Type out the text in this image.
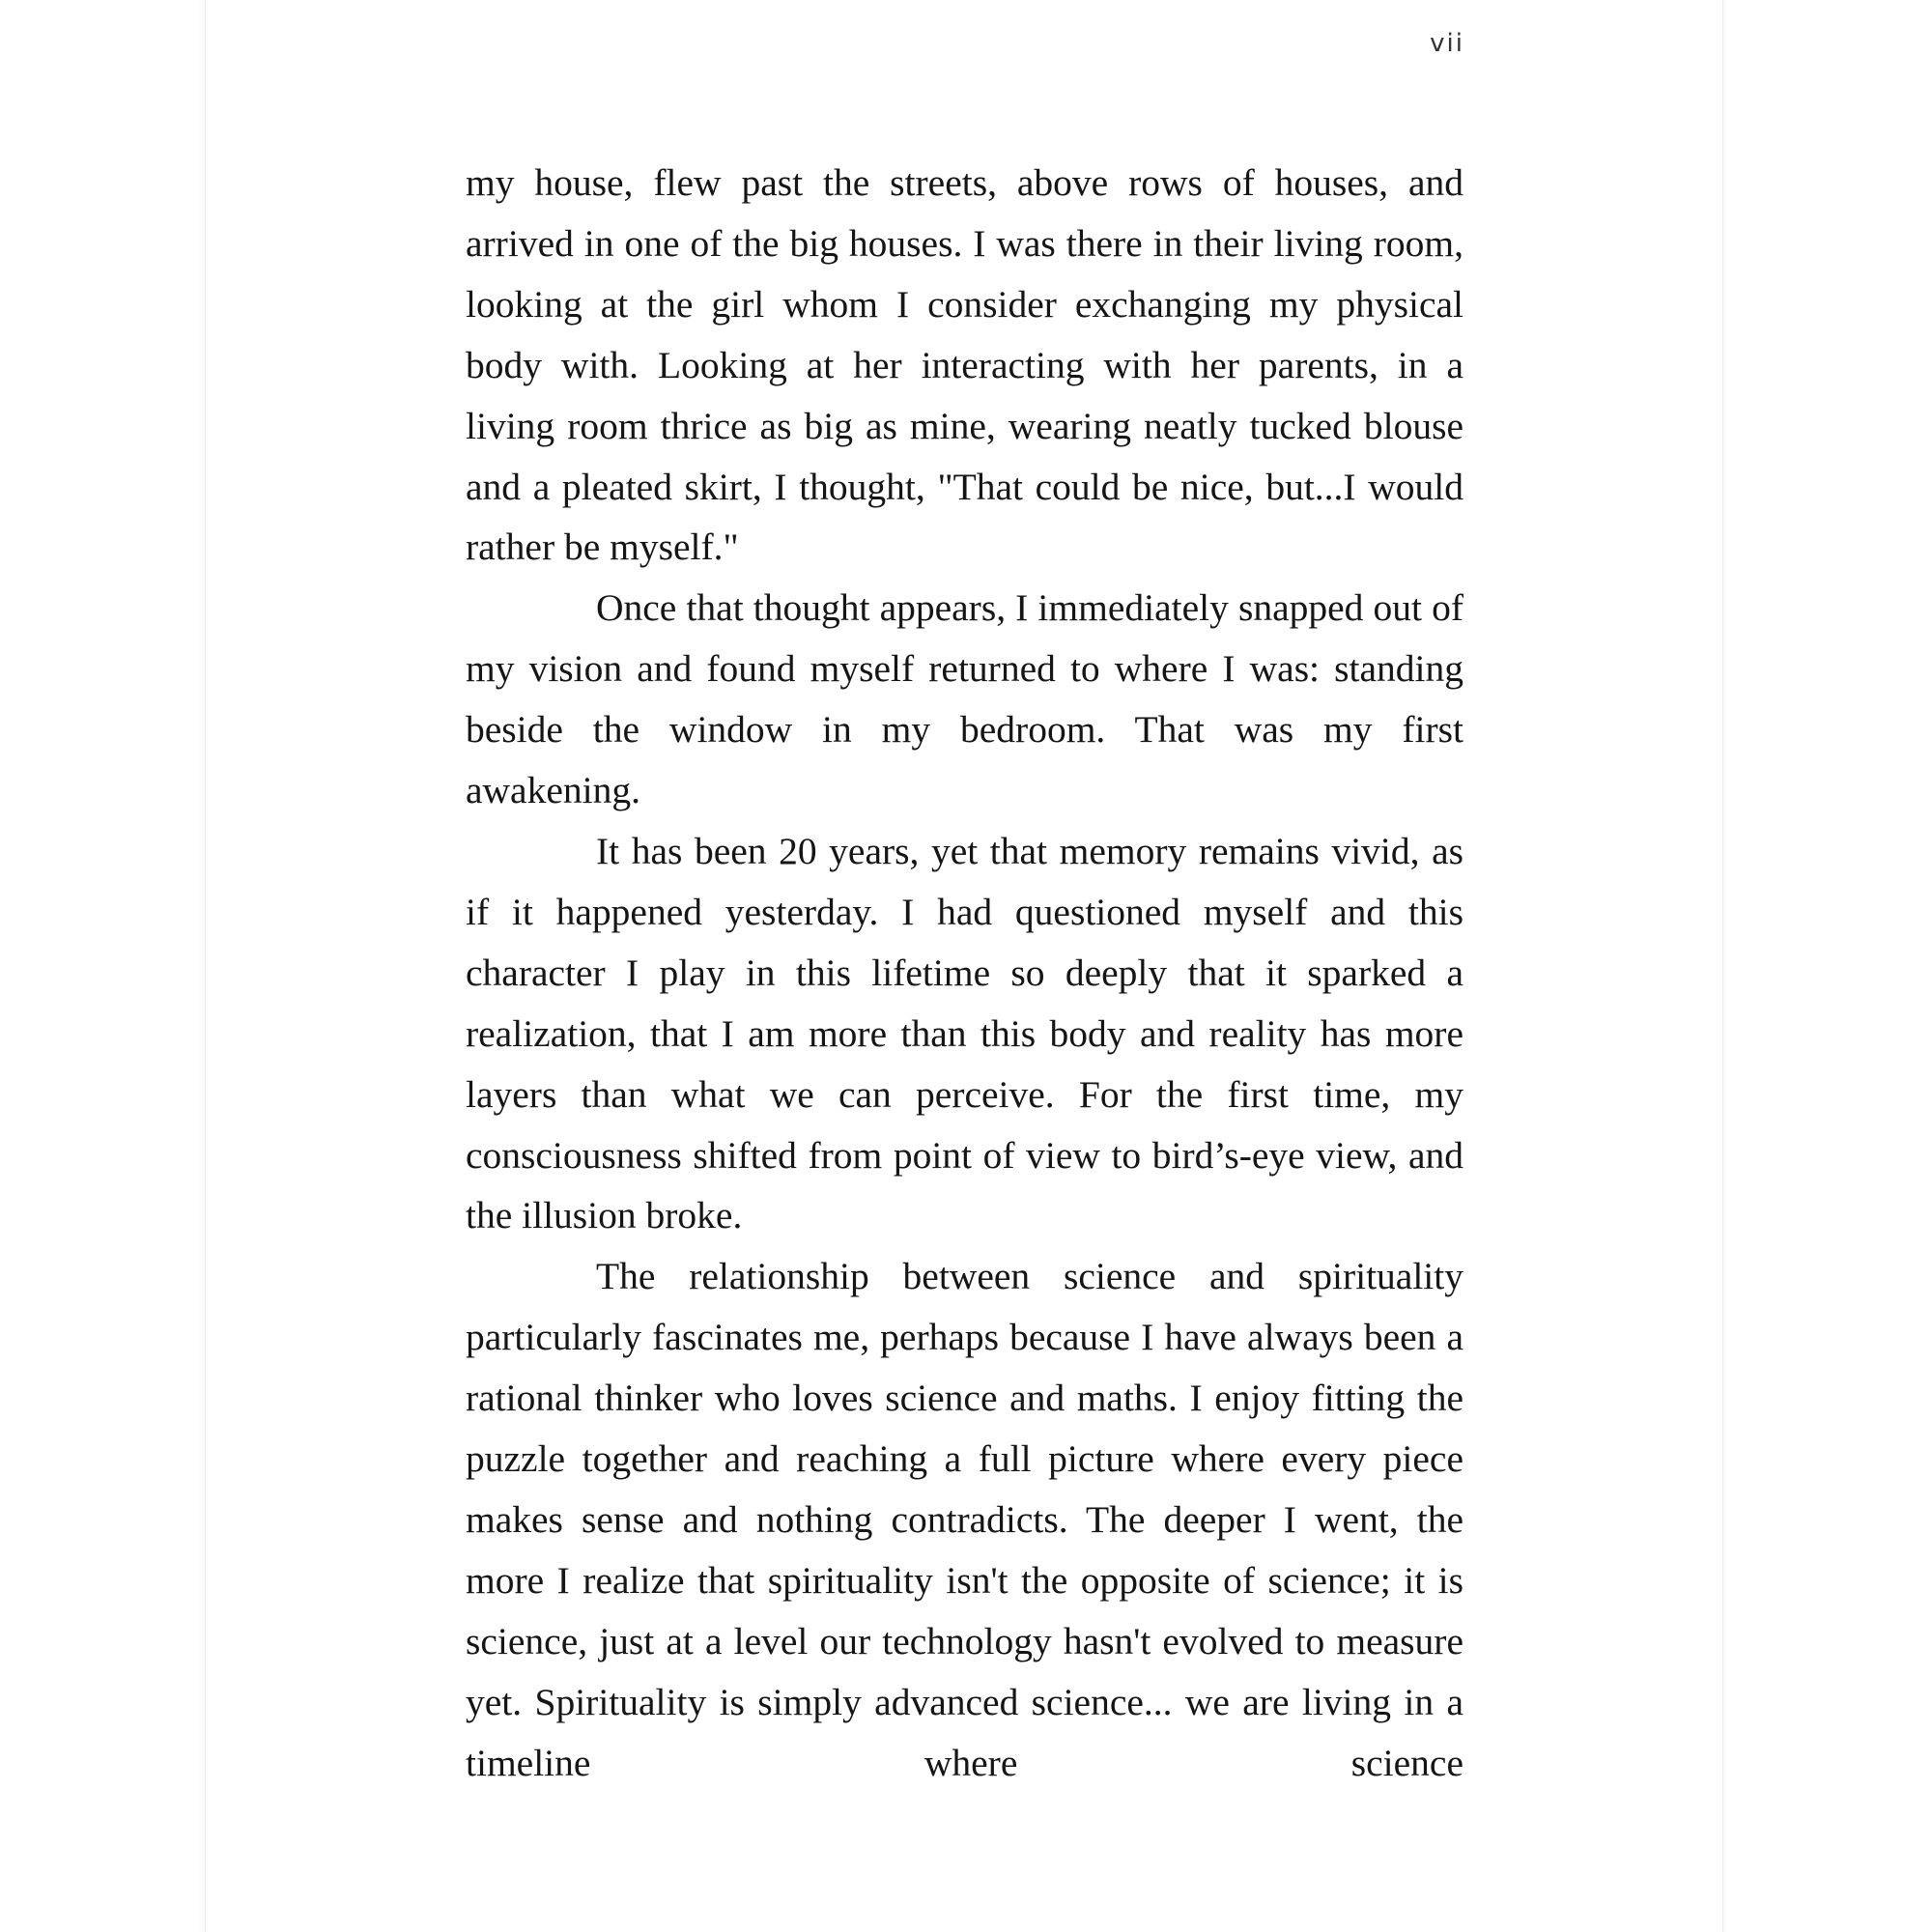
vii

my house, flew past the streets, above rows of houses, and arrived in one of the big houses. I was there in their living room, looking at the girl whom I consider exchanging my physical body with. Looking at her interacting with her parents, in a living room thrice as big as mine, wearing neatly tucked blouse and a pleated skirt, I thought, "That could be nice, but...I would rather be myself."

Once that thought appears, I immediately snapped out of my vision and found myself returned to where I was: standing beside the window in my bedroom. That was my first awakening.

It has been 20 years, yet that memory remains vivid, as if it happened yesterday. I had questioned myself and this character I play in this lifetime so deeply that it sparked a realization, that I am more than this body and reality has more layers than what we can perceive. For the first time, my consciousness shifted from point of view to bird’s-eye view, and the illusion broke.

The relationship between science and spirituality particularly fascinates me, perhaps because I have always been a rational thinker who loves science and maths. I enjoy fitting the puzzle together and reaching a full picture where every piece makes sense and nothing contradicts. The deeper I went, the more I realize that spirituality isn't the opposite of science; it is science, just at a level our technology hasn't evolved to measure yet. Spirituality is simply advanced science... we are living in a timeline where science
